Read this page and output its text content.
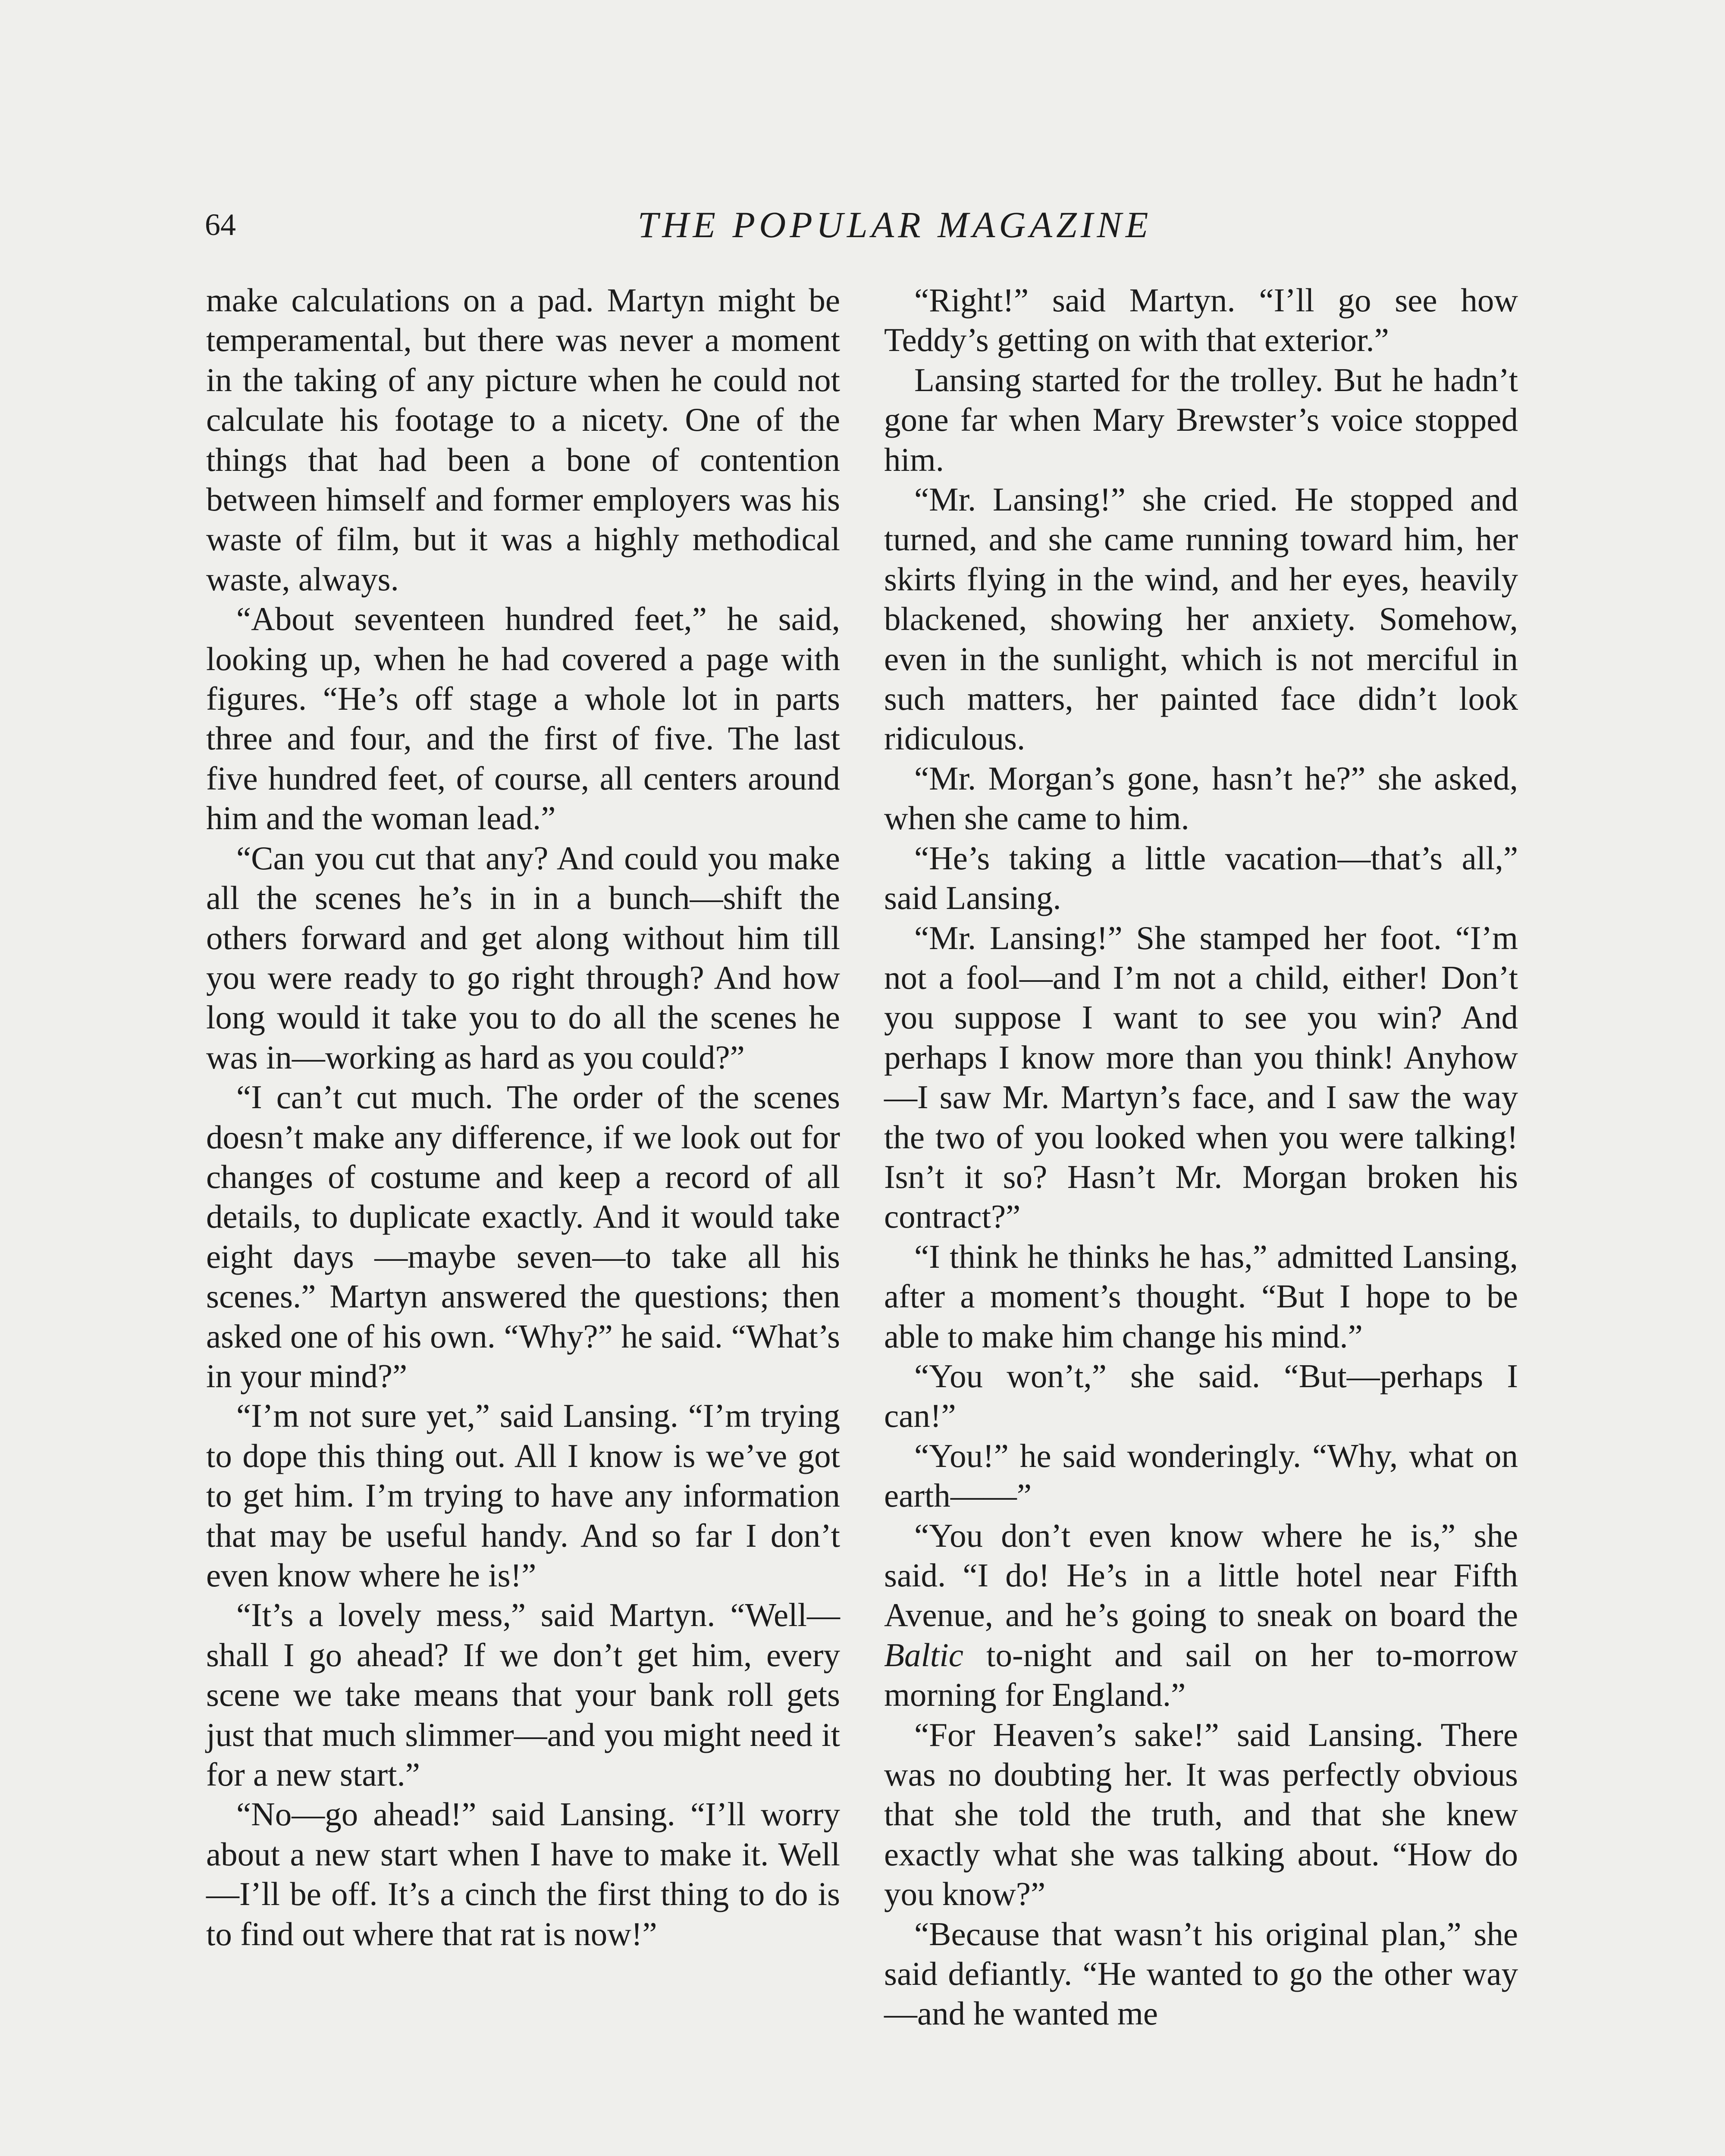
64	THE POPULAR MAGAZINE

make calculations on a pad. Martyn might be temperamental, but there was never a moment in the taking of any picture when he could not calculate his footage to a nicety. One of the things that had been a bone of contention between himself and former employers was his waste of film, but it was a highly methodical waste, always.

“About seventeen hundred feet,” he said, looking up, when he had covered a page with figures. “He’s off stage a whole lot in parts three and four, and the first of five. The last five hundred feet, of course, all centers around him and the woman lead.”

“Can you cut that any? And could you make all the scenes he’s in in a bunch—shift the others forward and get along without him till you were ready to go right through? And how long would it take you to do all the scenes he was in—working as hard as you could?”

“I can’t cut much. The order of the scenes doesn’t make any difference, if we look out for changes of costume and keep a record of all details, to duplicate exactly. And it would take eight days —maybe seven—to take all his scenes.” Martyn answered the questions; then asked one of his own. “Why?” he said. “What’s in your mind?”

“I’m not sure yet,” said Lansing. “I’m trying to dope this thing out. All I know is we’ve got to get him. I’m trying to have any information that may be useful handy. And so far I don’t even know where he is!”

“It’s a lovely mess,” said Martyn. “Well—shall I go ahead? If we don’t get him, every scene we take means that your bank roll gets just that much slimmer—and you might need it for a new start.”

“No—go ahead!” said Lansing. “I’ll worry about a new start when I have to make it. Well—I’ll be off. It’s a cinch the first thing to do is to find out where that rat is now!”

“Right!” said Martyn. “I’ll go see how Teddy’s getting on with that exterior.”

Lansing started for the trolley. But he hadn’t gone far when Mary Brewster’s voice stopped him.

“Mr. Lansing!” she cried. He stopped and turned, and she came running toward him, her skirts flying in the wind, and her eyes, heavily blackened, showing her anxiety. Somehow, even in the sunlight, which is not merciful in such matters, her painted face didn’t look ridiculous.

“Mr. Morgan’s gone, hasn’t he?” she asked, when she came to him.

“He’s taking a little vacation—that’s all,” said Lansing.

“Mr. Lansing!” She stamped her foot. “I’m not a fool—and I’m not a child, either! Don’t you suppose I want to see you win? And perhaps I know more than you think! Anyhow —I saw Mr. Martyn’s face, and I saw the way the two of you looked when you were talking! Isn’t it so? Hasn’t Mr. Morgan broken his contract?”

“I think he thinks he has,” admitted Lansing, after a moment’s thought. “But I hope to be able to make him change his mind.”

“You won’t,” she said. “But—perhaps I can!”

“You!” he said wonderingly. “Why, what on earth——”

“You don’t even know where he is,” she said. “I do! He’s in a little hotel near Fifth Avenue, and he’s going to sneak on board the Baltic to-night and sail on her to-morrow morning for England.”

“For Heaven’s sake!” said Lansing. There was no doubting her. It was perfectly obvious that she told the truth, and that she knew exactly what she was talking about. “How do you know?”

“Because that wasn’t his original plan,” she said defiantly. “He wanted to go the other way—and he wanted me
